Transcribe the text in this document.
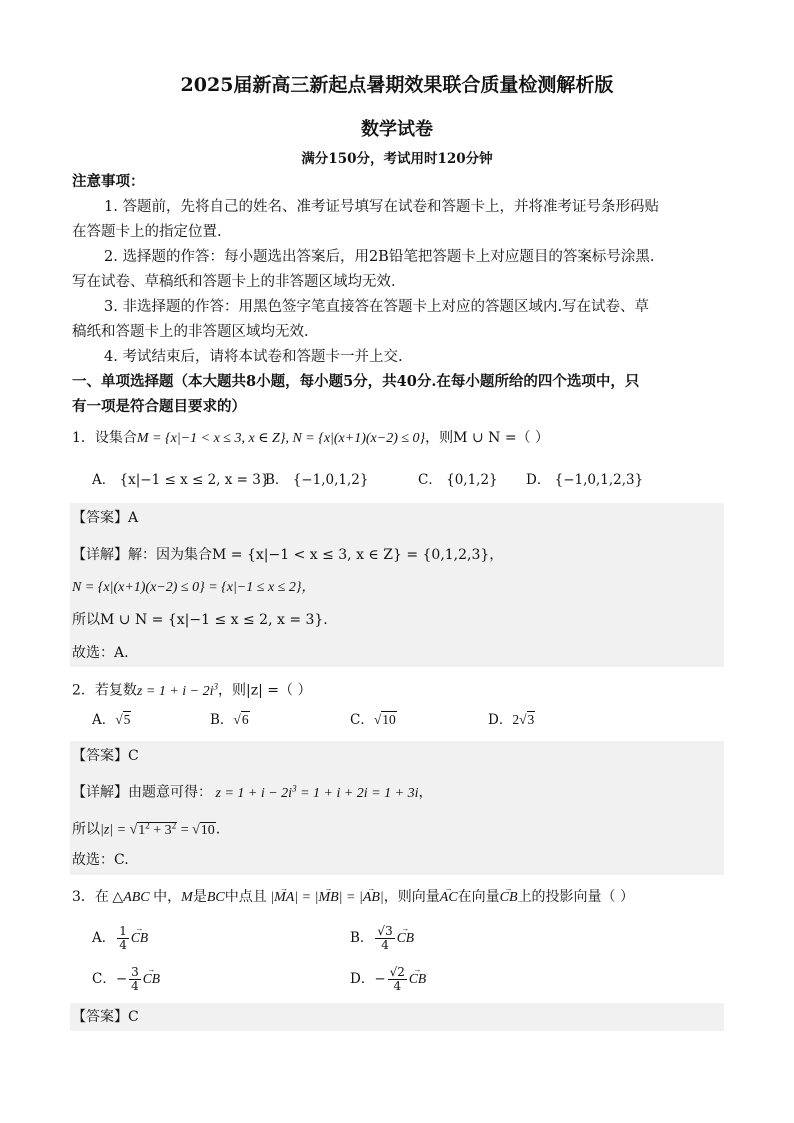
2025届新高三新起点暑期效果联合质量检测解析版
数学试卷
满分150分，考试用时120分钟
注意事项：
1. 答题前，先将自己的姓名、准考证号填写在试卷和答题卡上，并将准考证号条形码贴
在答题卡上的指定位置.
2. 选择题的作答：每小题选出答案后，用2B铅笔把答题卡上对应题目的答案标号涂黑.
写在试卷、草稿纸和答题卡上的非答题区域均无效.
3. 非选择题的作答：用黑色签字笔直接答在答题卡上对应的答题区域内.写在试卷、草
稿纸和答题卡上的非答题区域均无效.
4. 考试结束后，请将本试卷和答题卡一并上交.
一、单项选择题（本大题共8小题，每小题5分，共40分.在每小题所给的四个选项中，只
有一项是符合题目要求的）
1．设集合M = {x|−1 < x ≤ 3, x ∈ Z}, N = {x|(x+1)(x−2) ≤ 0}，则M ∪ N =（ ）
A． {x|−1 ≤ x ≤ 2, x = 3}
B． {−1,0,1,2}	C． {0,1,2} D． {−1,0,1,2,3}
【答案】A
【详解】解：因为集合M = {x|−1 < x ≤ 3, x ∈ Z} = {0,1,2,3}，
N = {x|(x+1)(x−2) ≤ 0} = {x|−1 ≤ x ≤ 2}，
所以M ∪ N = {x|−1 ≤ x ≤ 2, x = 3}.
故选：A.
2．若复数$z = 1 + i - 2i^3$，则|z| =（ ）
A．√5	B．√6	C．√10	D．2√3
【答案】C
【详解】由题意可得： $z = 1 + i - 2i^3 = 1 + i + 2i = 1 + 3i$，
所以$|z| = √1^2 + 3^2 = √10$.
故选：C.
3．在 △ABC 中，M是BC中点且 |→ MA| = |→ MB| = |→ AB|，则向量→ AC在向量→ CB上的投影向量（ ）
A． $\frac{1}{4}$ → CB	B． $\frac{√3}{4}$ → CB
C．− $\frac{3}{4}$ → CB	D．− $\frac{√2}{4}$ → CB
【答案】C
